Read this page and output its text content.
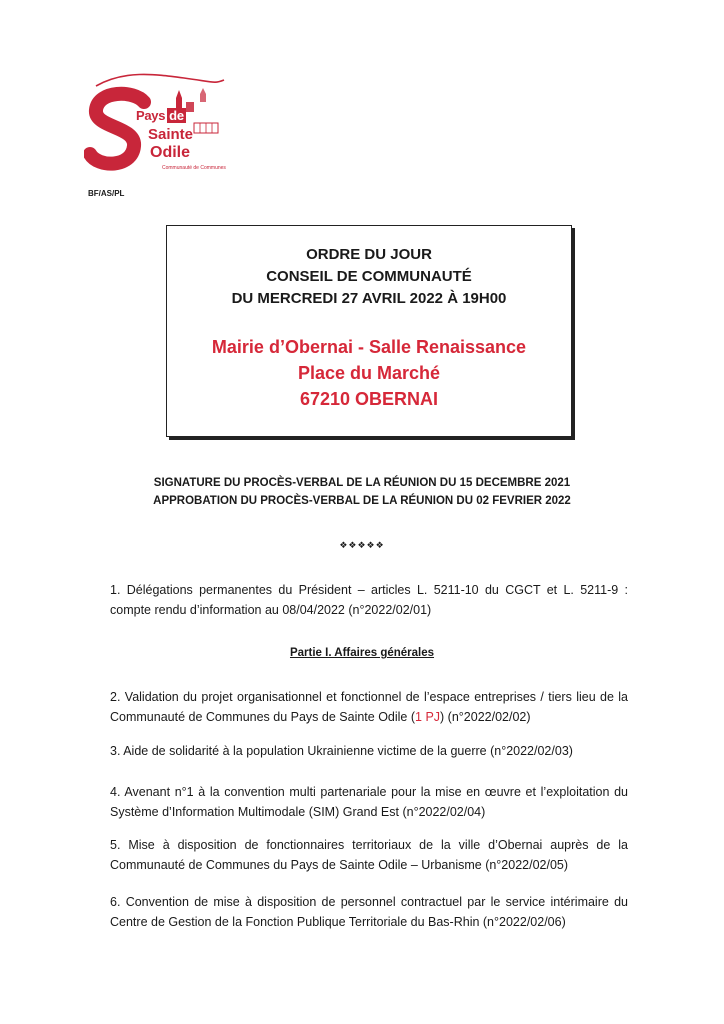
Pays de
Sainte
Odile
Communauté de Communes
BF/AS/PL
ORDRE DU JOUR
CONSEIL DE COMMUNAUTÉ
DU MERCREDI 27 AVRIL 2022 À 19H00
Mairie d’Obernai - Salle Renaissance
Place du Marché
67210 OBERNAI
SIGNATURE DU PROCÈS-VERBAL DE LA RÉUNION DU 15 DECEMBRE 2021
APPROBATION DU PROCÈS-VERBAL DE LA RÉUNION DU 02 FEVRIER 2022
❖❖❖❖❖
1. Délégations permanentes du Président – articles L. 5211-10 du CGCT et L. 5211-9 : compte rendu d’information au 08/04/2022 (n°2022/02/01)
Partie I. Affaires générales
2. Validation du projet organisationnel et fonctionnel de l’espace entreprises / tiers lieu de la Communauté de Communes du Pays de Sainte Odile (1 PJ) (n°2022/02/02)
3. Aide de solidarité à la population Ukrainienne victime de la guerre (n°2022/02/03)
4. Avenant n°1 à la convention multi partenariale pour la mise en œuvre et l’exploitation du Système d’Information Multimodale (SIM) Grand Est (n°2022/02/04)
5. Mise à disposition de fonctionnaires territoriaux de la ville d’Obernai auprès de la Communauté de Communes du Pays de Sainte Odile – Urbanisme (n°2022/02/05)
6. Convention de mise à disposition de personnel contractuel par le service intérimaire du Centre de Gestion de la Fonction Publique Territoriale du Bas-Rhin (n°2022/02/06)
